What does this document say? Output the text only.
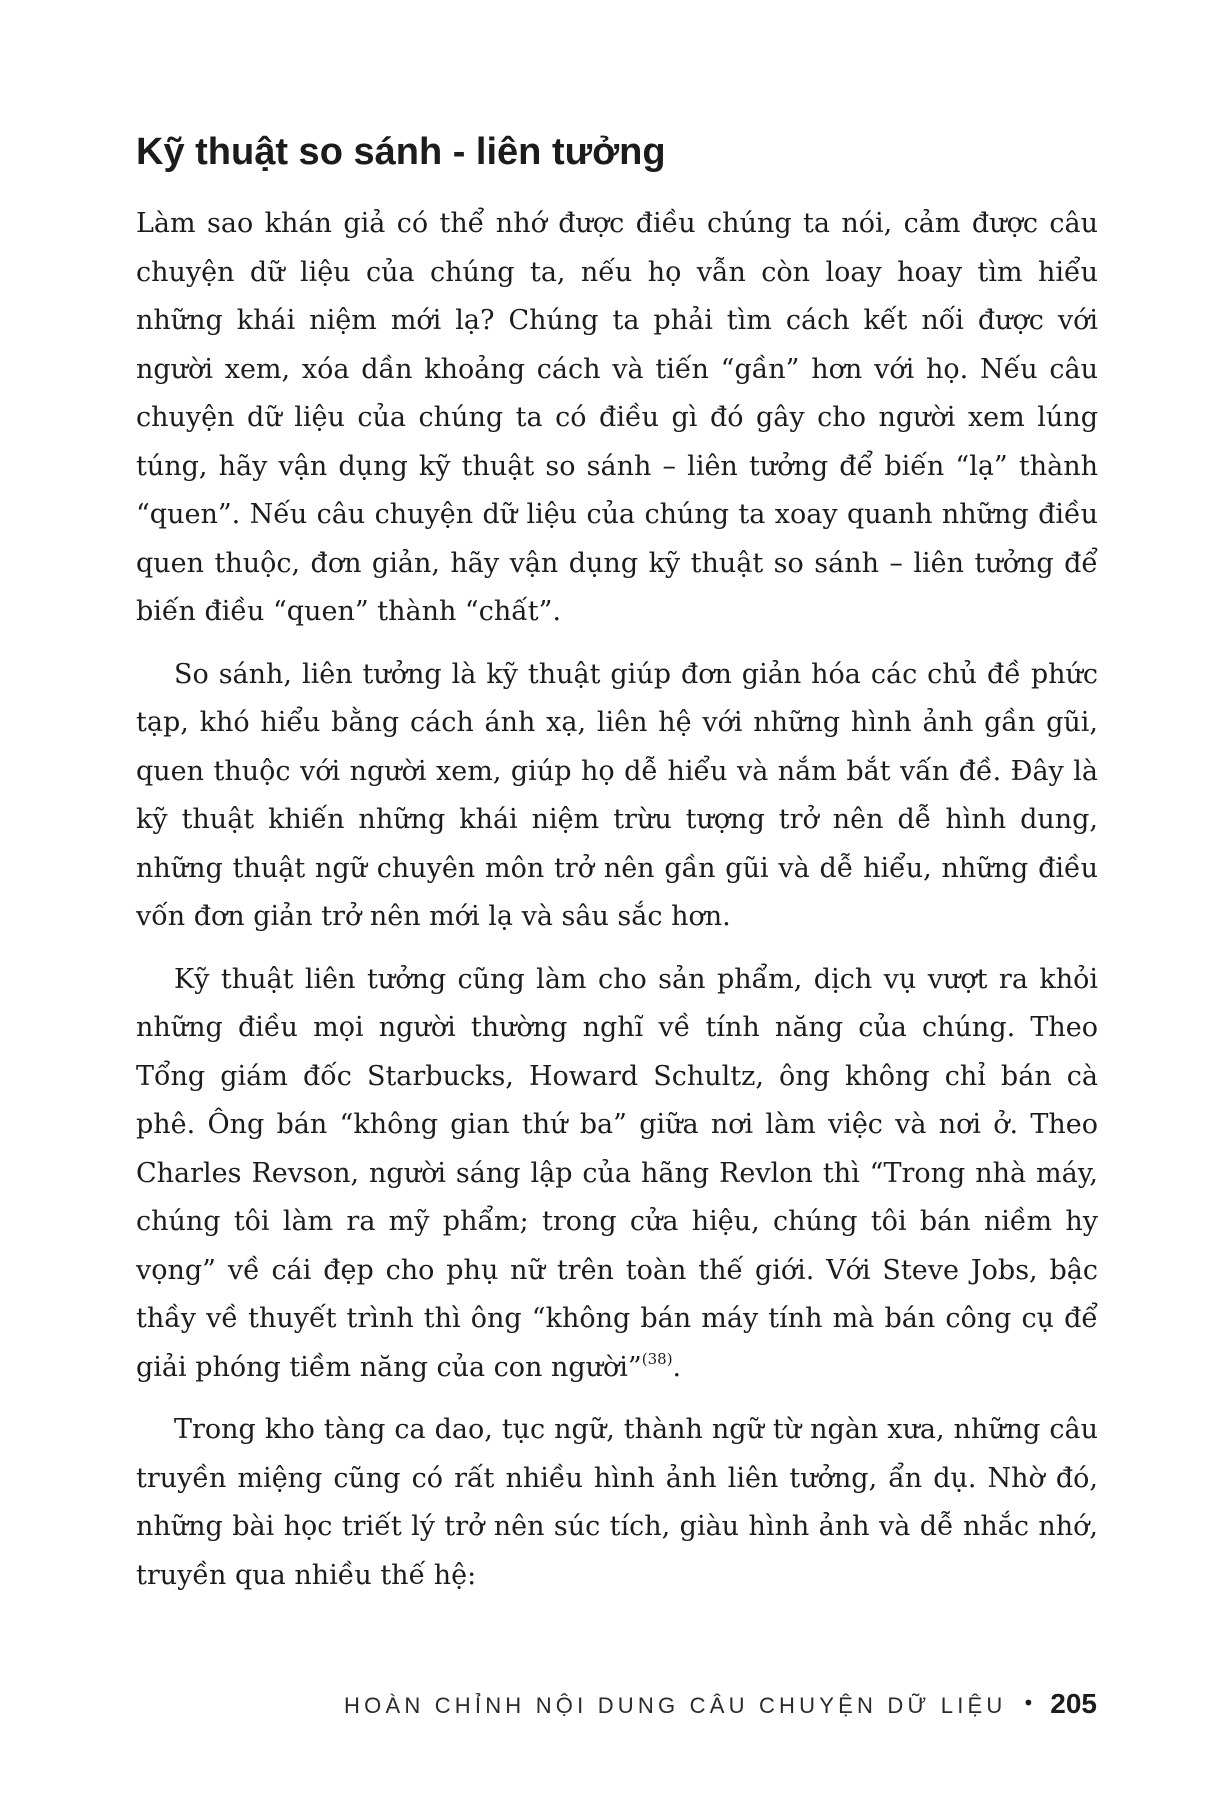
Kỹ thuật so sánh - liên tưởng

Làm sao khán giả có thể nhớ được điều chúng ta nói, cảm được câu chuyện dữ liệu của chúng ta, nếu họ vẫn còn loay hoay tìm hiểu những khái niệm mới lạ? Chúng ta phải tìm cách kết nối được với người xem, xóa dần khoảng cách và tiến “gần” hơn với họ. Nếu câu chuyện dữ liệu của chúng ta có điều gì đó gây cho người xem lúng túng, hãy vận dụng kỹ thuật so sánh – liên tưởng để biến “lạ” thành “quen”. Nếu câu chuyện dữ liệu của chúng ta xoay quanh những điều quen thuộc, đơn giản, hãy vận dụng kỹ thuật so sánh – liên tưởng để biến điều “quen” thành “chất”.

So sánh, liên tưởng là kỹ thuật giúp đơn giản hóa các chủ đề phức tạp, khó hiểu bằng cách ánh xạ, liên hệ với những hình ảnh gần gũi, quen thuộc với người xem, giúp họ dễ hiểu và nắm bắt vấn đề. Đây là kỹ thuật khiến những khái niệm trừu tượng trở nên dễ hình dung, những thuật ngữ chuyên môn trở nên gần gũi và dễ hiểu, những điều vốn đơn giản trở nên mới lạ và sâu sắc hơn.

Kỹ thuật liên tưởng cũng làm cho sản phẩm, dịch vụ vượt ra khỏi những điều mọi người thường nghĩ về tính năng của chúng. Theo Tổng giám đốc Starbucks, Howard Schultz, ông không chỉ bán cà phê. Ông bán “không gian thứ ba” giữa nơi làm việc và nơi ở. Theo Charles Revson, người sáng lập của hãng Revlon thì “Trong nhà máy, chúng tôi làm ra mỹ phẩm; trong cửa hiệu, chúng tôi bán niềm hy vọng” về cái đẹp cho phụ nữ trên toàn thế giới. Với Steve Jobs, bậc thầy về thuyết trình thì ông “không bán máy tính mà bán công cụ để giải phóng tiềm năng của con người”$^{(38)}$.

Trong kho tàng ca dao, tục ngữ, thành ngữ từ ngàn xưa, những câu truyền miệng cũng có rất nhiều hình ảnh liên tưởng, ẩn dụ. Nhờ đó, những bài học triết lý trở nên súc tích, giàu hình ảnh và dễ nhắc nhớ, truyền qua nhiều thế hệ:

HOÀN CHỈNH NỘI DUNG CÂU CHUYỆN DỮ LIỆU • 205
